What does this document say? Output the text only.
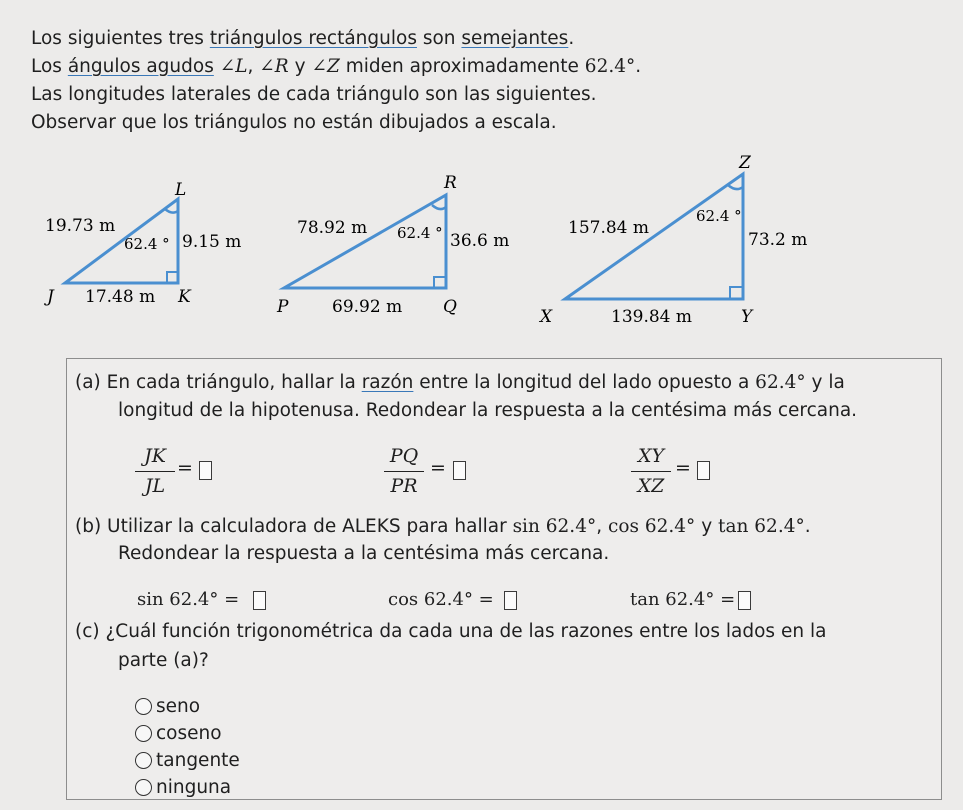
Los siguientes tres triángulos rectángulos son semejantes.
Los ángulos agudos ∠L, ∠R y ∠Z miden aproximadamente 62.4°.
Las longitudes laterales de cada triángulo son las siguientes.
Observar que los triángulos no están dibujados a escala.
L
J	K
19.73 m
62.4 ° 9.15 m
17.48 m
R
P	Q
78.92 m 62.4 ° 36.6 m
69.92 m
Z
X	Y
157.84 m
62.4 °
73.2 m
139.84 m
(a) En cada triángulo, hallar la razón entre la longitud del lado opuesto a 62.4° y la
longitud de la hipotenusa. Redondear la respuesta a la centésima más cercana.
JK
JL
=
PQ
PR
=
XY
XZ
=
(b) Utilizar la calculadora de ALEKS para hallar sin 62.4°, cos 62.4° y tan 62.4°.
Redondear la respuesta a la centésima más cercana.
sin 62.4° =	cos 62.4° =	tan 62.4° =
(c) ¿Cuál función trigonométrica da cada una de las razones entre los lados en la
parte (a)?
seno
coseno
tangente
ninguna
